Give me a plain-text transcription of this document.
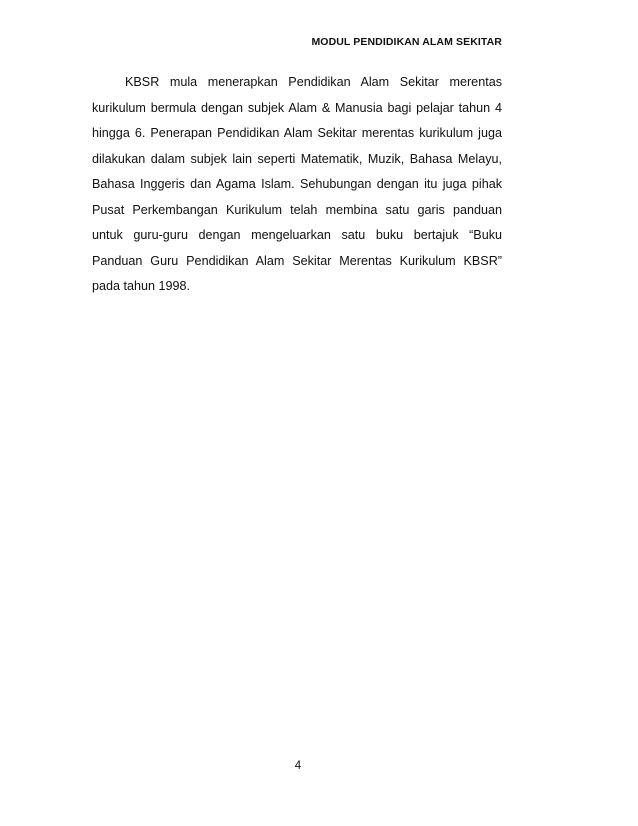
MODUL PENDIDIKAN ALAM SEKITAR

KBSR mula menerapkan Pendidikan Alam Sekitar merentas kurikulum bermula dengan subjek Alam & Manusia bagi pelajar tahun 4 hingga 6. Penerapan Pendidikan Alam Sekitar merentas kurikulum juga dilakukan dalam subjek lain seperti Matematik, Muzik, Bahasa Melayu, Bahasa Inggeris dan Agama Islam. Sehubungan dengan itu juga pihak Pusat Perkembangan Kurikulum telah membina satu garis panduan untuk guru-guru dengan mengeluarkan satu buku bertajuk “Buku Panduan Guru Pendidikan Alam Sekitar Merentas Kurikulum KBSR” pada tahun 1998.

4
